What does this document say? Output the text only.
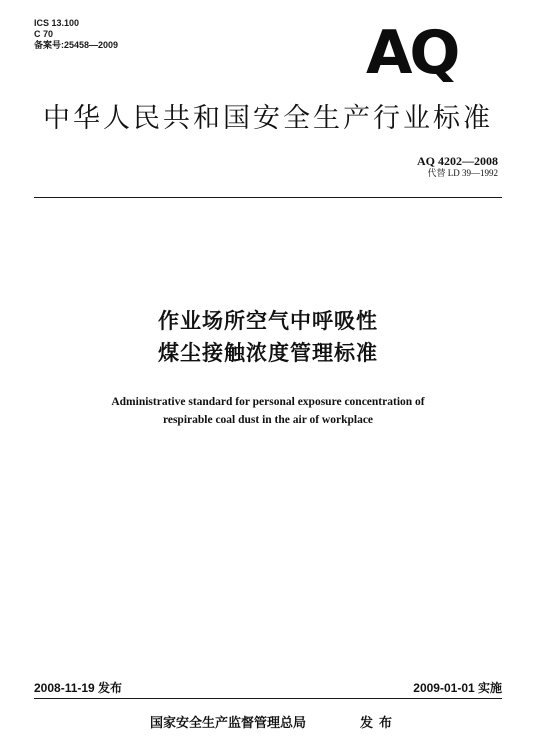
ICS 13.100
C 70
备案号:25458—2009	AQ
中华人民共和国安全生产行业标准
AQ 4202—2008
代替 LD 39—1992
作业场所空气中呼吸性
煤尘接触浓度管理标准
Administrative standard for personal exposure concentration of
respirable coal dust in the air of workplace
2008-11-19 发布	2009-01-01 实施
国家安全生产监督管理总局	发布
